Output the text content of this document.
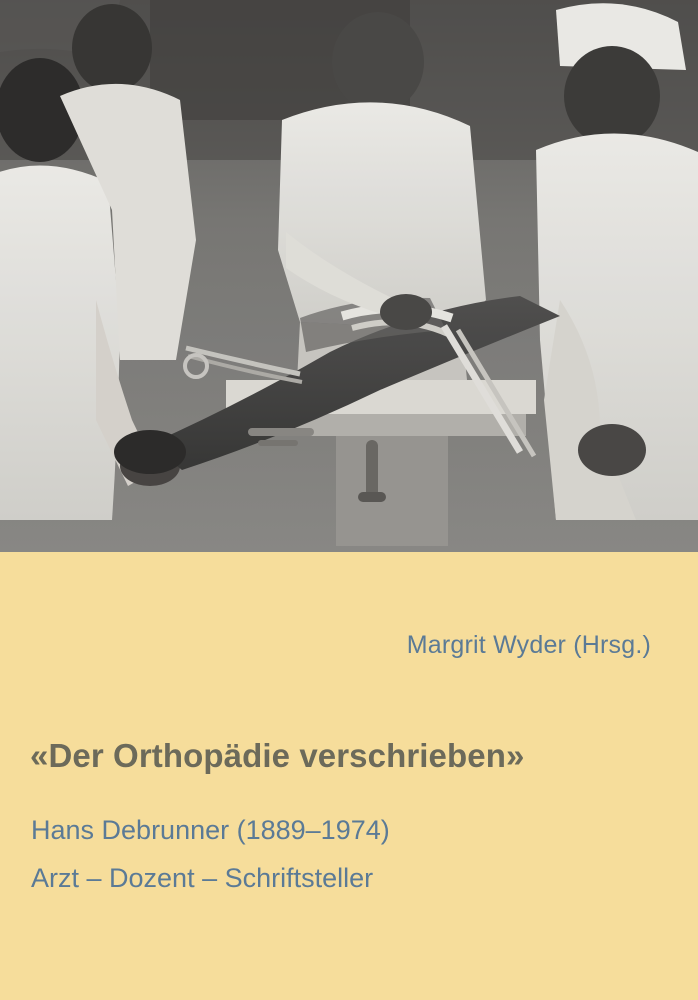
Margrit Wyder (Hrsg.)
«Der Orthopädie verschrieben»
Hans Debrunner (1889–1974)
Arzt – Dozent – Schriftsteller
